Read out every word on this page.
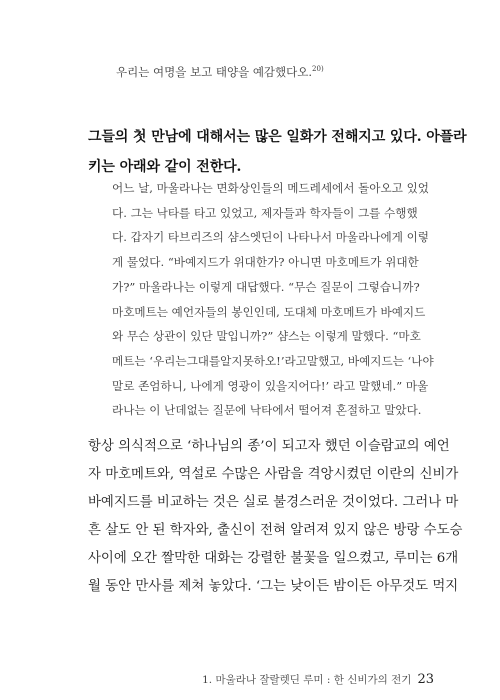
우리는 여명을 보고 태양을 예감했다오.$^{20)}$
그들의 첫 만남에 대해서는 많은 일화가 전해지고 있다. 아플라
키는 아래와 같이 전한다.
어느 날, 마울라나는 면화상인들의 메드레세에서 돌아오고 있었
다. 그는 낙타를 타고 있었고, 제자들과 학자들이 그를 수행했
다. 갑자기 타브리즈의 샴스엣딘이 나타나서 마울라나에게 이렇
게 물었다. “바예지드가 위대한가? 아니면 마호메트가 위대한
가?” 마울라나는 이렇게 대답했다. “무슨 질문이 그렇습니까?
마호메트는 예언자들의 봉인인데, 도대체 마호메트가 바예지드
와 무슨 상관이 있단 말입니까?” 샴스는 이렇게 말했다. “마호
메트는 ‘우리는그대를알지못하오!’라고말했고, 바예지드는 ‘나야
말로 존엄하니, 나에게 영광이 있을지어다!’ 라고 말했네.” 마울
라나는 이 난데없는 질문에 낙타에서 떨어져 혼절하고 말았다.
항상 의식적으로 ‘하나님의 종’이 되고자 했던 이슬람교의 예언
자 마호메트와, 역설로 수많은 사람을 격앙시켰던 이란의 신비가
바예지드를 비교하는 것은 실로 불경스러운 것이었다. 그러나 마
흔 살도 안 된 학자와, 출신이 전혀 알려져 있지 않은 방랑 수도승
사이에 오간 짤막한 대화는 강렬한 불꽃을 일으켰고, 루미는 6개
월 동안 만사를 제쳐 놓았다. ‘그는 낮이든 밤이든 아무것도 먹지
1. 마울라나 잘랄렛딘 루미 : 한 신비가의 전기 23
